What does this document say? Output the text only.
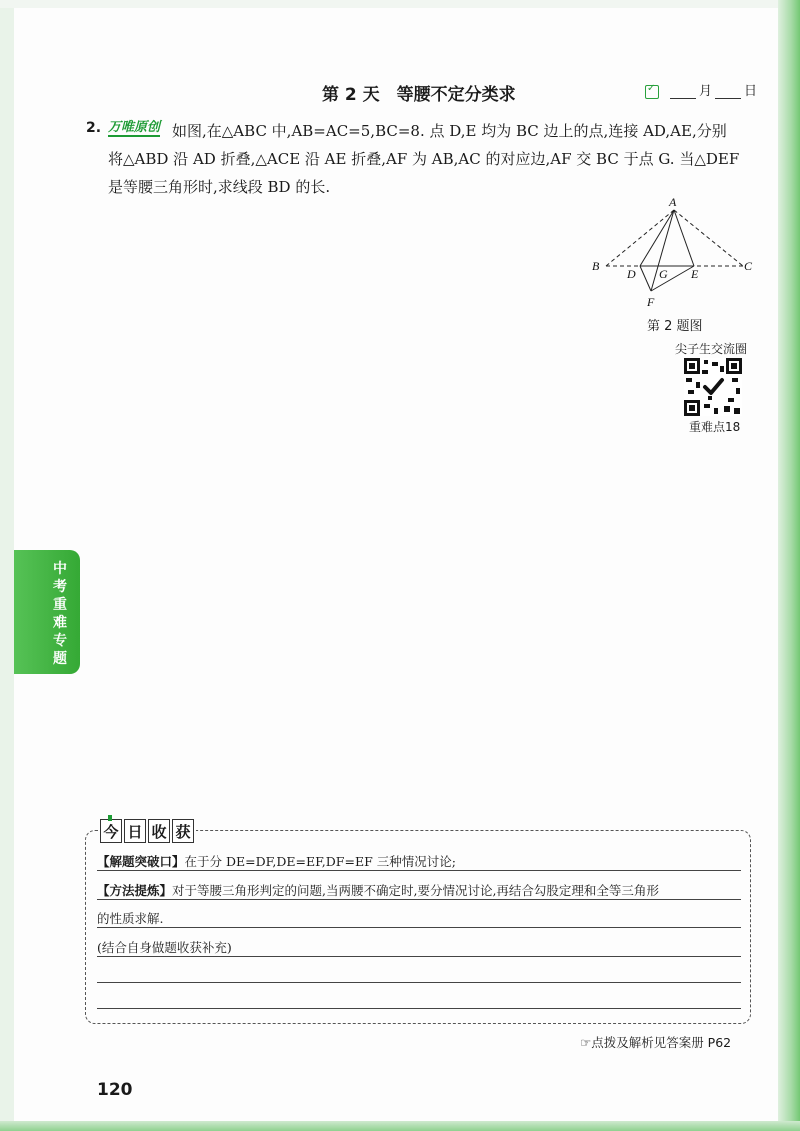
第 2 天　等腰不定分类求
✓	月 日
2. 万唯原创 如图,在△ABC 中,AB=AC=5,BC=8. 点 D,E 均为 BC 边上的点,连接 AD,AE,分别
将△ABD 沿 AD 折叠,△ACE 沿 AE 折叠,AF 为 AB,AC 的对应边,AF 交 BC 于点 G. 当△DEF
是等腰三角形时,求线段 BD 的长.
A
B	C
D G E
F
第 2 题图
尖子生交流圈
重难点18
中考重难专题
今 日 收 获
【解题突破口】在于分 DE=DF,DE=EF,DF=EF 三种情况讨论;
【方法提炼】对于等腰三角形判定的问题,当两腰不确定时,要分情况讨论,再结合勾股定理和全等三角形
的性质求解.
(结合自身做题收获补充)
☞点拨及解析见答案册 P62
120
